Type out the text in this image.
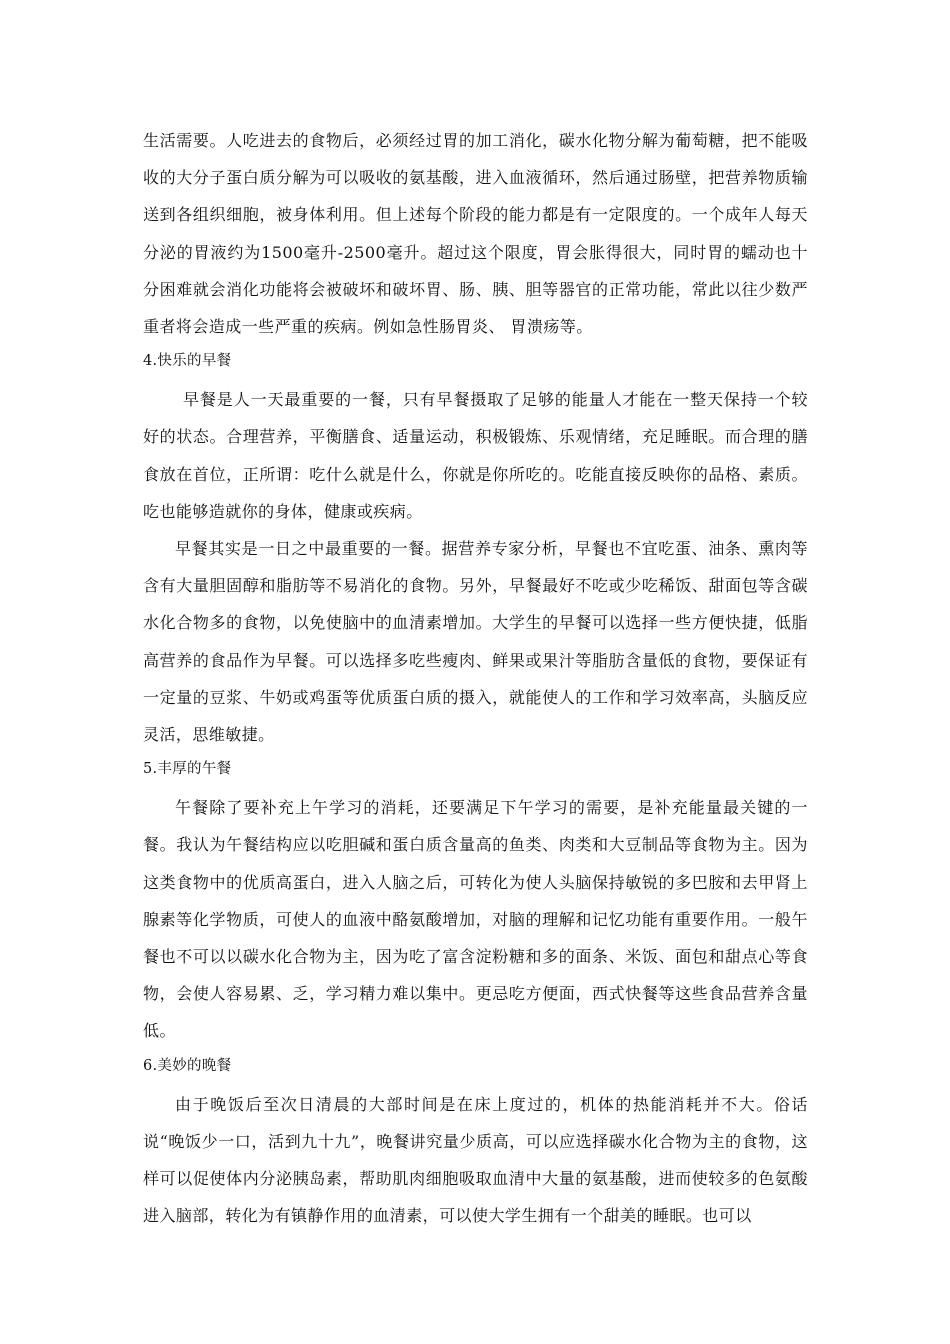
生活需要。人吃进去的食物后，必须经过胃的加工消化，碳水化物分解为葡萄糖，把不能吸收的大分子蛋白质分解为可以吸收的氨基酸，进入血液循环，然后通过肠壁，把营养物质输送到各组织细胞，被身体利用。但上述每个阶段的能力都是有一定限度的。一个成年人每天分泌的胃液约为1500毫升-2500毫升。超过这个限度，胃会胀得很大，同时胃的蠕动也十分困难就会消化功能将会被破坏和破坏胃、肠、胰、胆等器官的正常功能，常此以往少数严重者将会造成一些严重的疾病。例如急性肠胃炎、 胃溃疡等。

4.快乐的早餐

早餐是人一天最重要的一餐，只有早餐摄取了足够的能量人才能在一整天保持一个较好的状态。合理营养，平衡膳食、适量运动，积极锻炼、乐观情绪，充足睡眠。而合理的膳食放在首位，正所谓：吃什么就是什么，你就是你所吃的。吃能直接反映你的品格、素质。吃也能够造就你的身体，健康或疾病。

早餐其实是一日之中最重要的一餐。据营养专家分析，早餐也不宜吃蛋、油条、熏肉等含有大量胆固醇和脂肪等不易消化的食物。另外，早餐最好不吃或少吃稀饭、甜面包等含碳水化合物多的食物，以免使脑中的血清素增加。大学生的早餐可以选择一些方便快捷，低脂高营养的食品作为早餐。可以选择多吃些瘦肉、鲜果或果汁等脂肪含量低的食物，要保证有一定量的豆浆、牛奶或鸡蛋等优质蛋白质的摄入，就能使人的工作和学习效率高，头脑反应灵活，思维敏捷。

5.丰厚的午餐

午餐除了要补充上午学习的消耗，还要满足下午学习的需要，是补充能量最关键的一餐。我认为午餐结构应以吃胆碱和蛋白质含量高的鱼类、肉类和大豆制品等食物为主。因为这类食物中的优质高蛋白，进入人脑之后，可转化为使人头脑保持敏锐的多巴胺和去甲肾上腺素等化学物质，可使人的血液中酪氨酸增加，对脑的理解和记忆功能有重要作用。一般午餐也不可以以碳水化合物为主，因为吃了富含淀粉糖和多的面条、米饭、面包和甜点心等食物，会使人容易累、乏，学习精力难以集中。更忌吃方便面，西式快餐等这些食品营养含量低。

6.美妙的晚餐

由于晚饭后至次日清晨的大部时间是在床上度过的，机体的热能消耗并不大。俗话说“晚饭少一口，活到九十九”，晚餐讲究量少质高，可以应选择碳水化合物为主的食物，这样可以促使体内分泌胰岛素，帮助肌肉细胞吸取血清中大量的氨基酸，进而使较多的色氨酸进入脑部，转化为有镇静作用的血清素，可以使大学生拥有一个甜美的睡眠。也可以
